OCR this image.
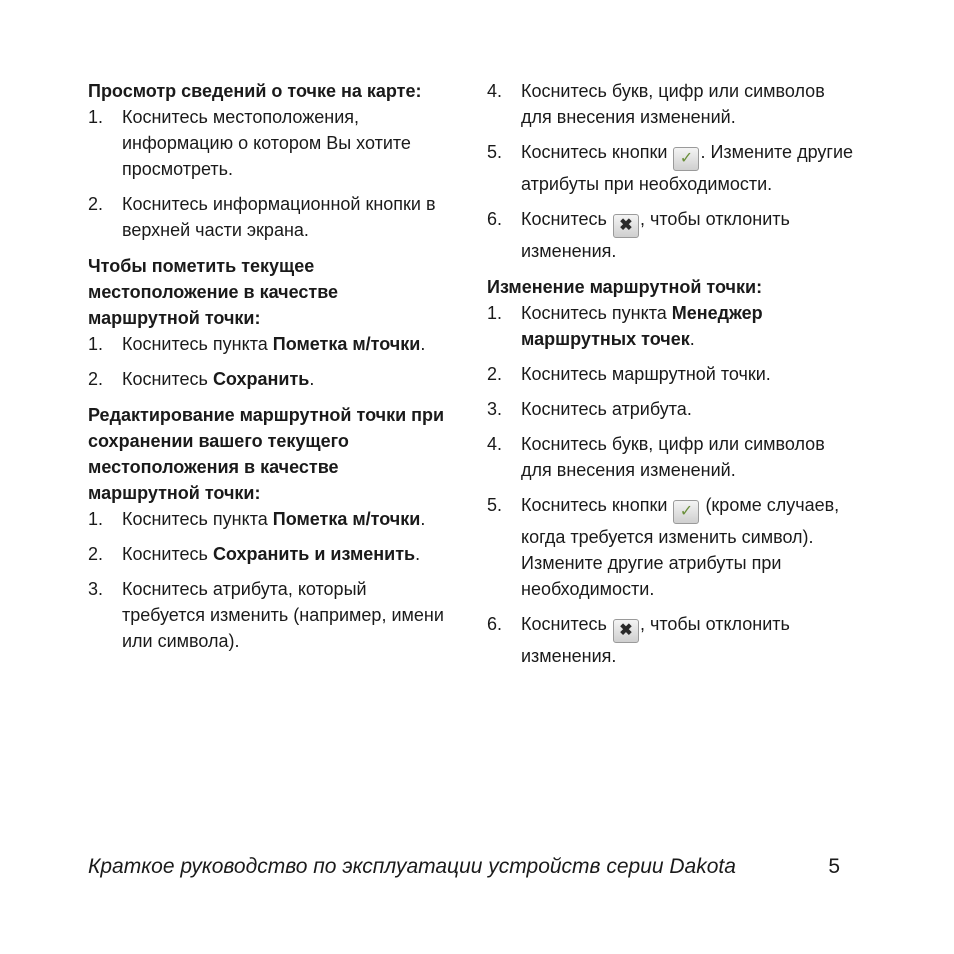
Просмотр сведений о точке на карте:

1. Коснитесь местоположения, информацию о котором Вы хотите просмотреть.
2. Коснитесь информационной кнопки в верхней части экрана.

Чтобы пометить текущее местоположение в качестве маршрутной точки:

1. Коснитесь пункта Пометка м/точки.
2. Коснитесь Сохранить.

Редактирование маршрутной точки при сохранении вашего текущего местоположения в качестве маршрутной точки:

1. Коснитесь пункта Пометка м/точки.
2. Коснитесь Сохранить и изменить.
3. Коснитесь атрибута, который требуется изменить (например, имени или символа).
4. Коснитесь букв, цифр или символов для внесения изменений.
5. Коснитесь кнопки ✓ . Измените другие атрибуты при необходимости.
6. Коснитесь ✖ , чтобы отклонить изменения.

Изменение маршрутной точки:

1. Коснитесь пункта Менеджер маршрутных точек.
2. Коснитесь маршрутной точки.
3. Коснитесь атрибута.
4. Коснитесь букв, цифр или символов для внесения изменений.
5. Коснитесь кнопки ✓ (кроме случаев, когда требуется изменить символ). Измените другие атрибуты при необходимости.
6. Коснитесь ✖ , чтобы отклонить изменения.
Краткое руководство по эксплуатации устройств серии Dakota	5
